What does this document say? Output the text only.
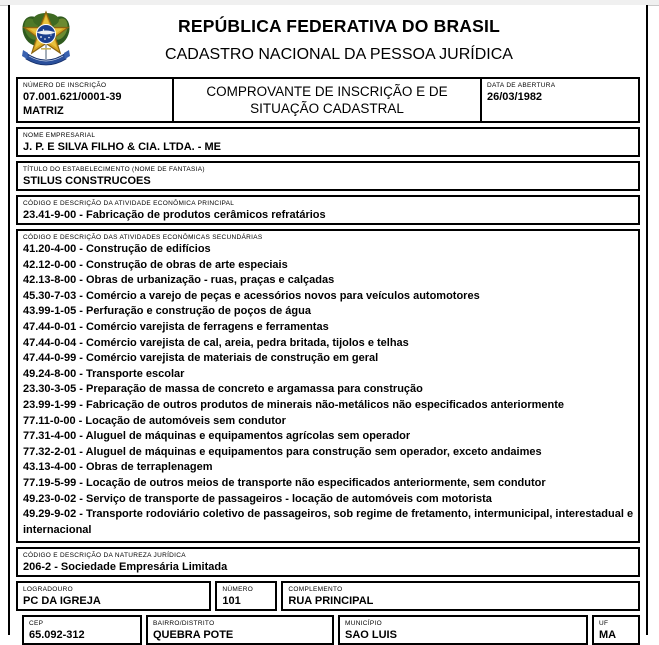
REPÚBLICA FEDERATIVA DO BRASIL
CADASTRO NACIONAL DA PESSOA JURÍDICA
NÚMERO DE INSCRIÇÃO
07.001.621/0001-39
MATRIZ
COMPROVANTE DE INSCRIÇÃO E DE SITUAÇÃO CADASTRAL
DATA DE ABERTURA
26/03/1982
NOME EMPRESARIAL
J. P. E SILVA FILHO & CIA. LTDA. - ME
TÍTULO DO ESTABELECIMENTO (NOME DE FANTASIA)
STILUS CONSTRUCOES
CÓDIGO E DESCRIÇÃO DA ATIVIDADE ECONÔMICA PRINCIPAL
23.41-9-00 - Fabricação de produtos cerâmicos refratários
CÓDIGO E DESCRIÇÃO DAS ATIVIDADES ECONÔMICAS SECUNDÁRIAS
41.20-4-00 - Construção de edifícios
42.12-0-00 - Construção de obras de arte especiais
42.13-8-00 - Obras de urbanização - ruas, praças e calçadas
45.30-7-03 - Comércio a varejo de peças e acessórios novos para veículos automotores
43.99-1-05 - Perfuração e construção de poços de água
47.44-0-01 - Comércio varejista de ferragens e ferramentas
47.44-0-04 - Comércio varejista de cal, areia, pedra britada, tijolos e telhas
47.44-0-99 - Comércio varejista de materiais de construção em geral
49.24-8-00 - Transporte escolar
23.30-3-05 - Preparação de massa de concreto e argamassa para construção
23.99-1-99 - Fabricação de outros produtos de minerais não-metálicos não especificados anteriormente
77.11-0-00 - Locação de automóveis sem condutor
77.31-4-00 - Aluguel de máquinas e equipamentos agrícolas sem operador
77.32-2-01 - Aluguel de máquinas e equipamentos para construção sem operador, exceto andaimes
43.13-4-00 - Obras de terraplenagem
77.19-5-99 - Locação de outros meios de transporte não especificados anteriormente, sem condutor
49.23-0-02 - Serviço de transporte de passageiros - locação de automóveis com motorista
49.29-9-02 - Transporte rodoviário coletivo de passageiros, sob regime de fretamento, intermunicipal, interestadual e internacional
CÓDIGO E DESCRIÇÃO DA NATUREZA JURÍDICA
206-2 - Sociedade Empresária Limitada
LOGRADOURO
PC DA IGREJA
NÚMERO
101
COMPLEMENTO
RUA PRINCIPAL
CEP
65.092-312
BAIRRO/DISTRITO
QUEBRA POTE
MUNICÍPIO
SAO LUIS
UF
MA
